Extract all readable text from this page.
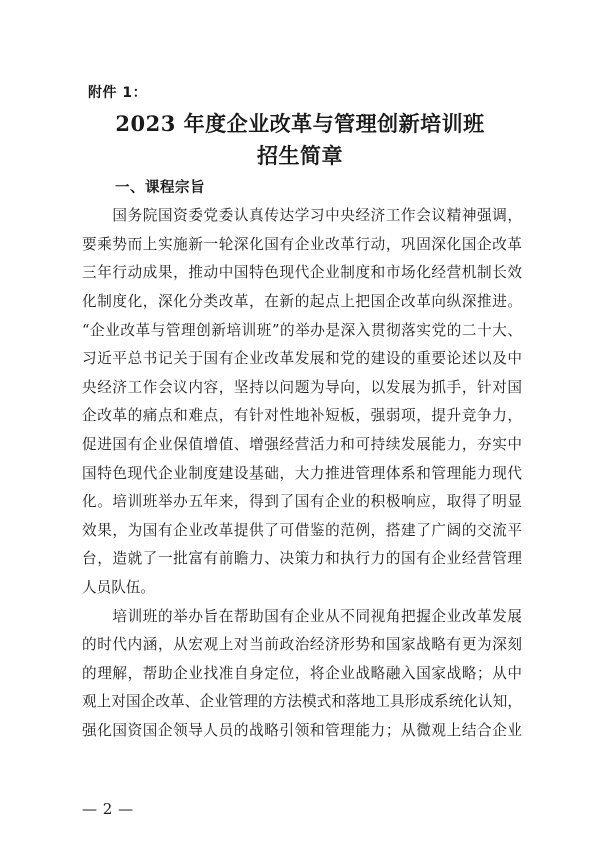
附件 1：
2023 年度企业改革与管理创新培训班
招生简章
一、课程宗旨
　　国务院国资委党委认真传达学习中央经济工作会议精神强调，
要乘势而上实施新一轮深化国有企业改革行动，巩固深化国企改革
三年行动成果，推动中国特色现代企业制度和市场化经营机制长效
化制度化，深化分类改革，在新的起点上把国企改革向纵深推进。
“企业改革与管理创新培训班”的举办是深入贯彻落实党的二十大、
习近平总书记关于国有企业改革发展和党的建设的重要论述以及中
央经济工作会议内容，坚持以问题为导向，以发展为抓手，针对国
企改革的痛点和难点，有针对性地补短板，强弱项，提升竞争力，
促进国有企业保值增值、增强经营活力和可持续发展能力，夯实中
国特色现代企业制度建设基础，大力推进管理体系和管理能力现代
化。培训班举办五年来，得到了国有企业的积极响应，取得了明显
效果，为国有企业改革提供了可借鉴的范例，搭建了广阔的交流平
台，造就了一批富有前瞻力、决策力和执行力的国有企业经营管理
人员队伍。
　　培训班的举办旨在帮助国有企业从不同视角把握企业改革发展
的时代内涵，从宏观上对当前政治经济形势和国家战略有更为深刻
的理解，帮助企业找准自身定位，将企业战略融入国家战略；从中
观上对国企改革、企业管理的方法模式和落地工具形成系统化认知，
强化国资国企领导人员的战略引领和管理能力；从微观上结合企业
— 2 —
